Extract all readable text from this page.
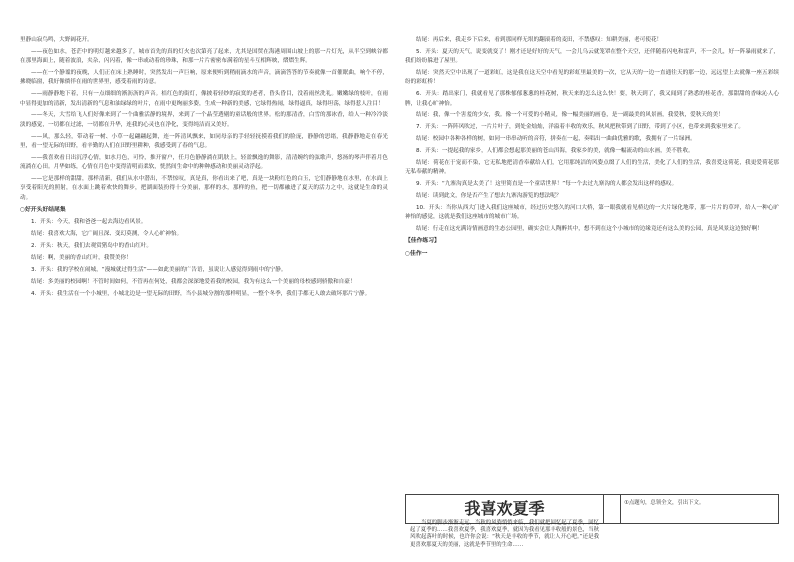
里静山寂鸟鸣，大野阔花开。

——夜色如水，苍茫中的明灯越来越多了，城市首先的真的灯火也次第亮了起来，尤其是国贸在海港周围山坡上的那一片灯光，从半空到峡谷都在那里海面上，随着波浪，夹杂，闪闪着，像一串或动着的珍珠，和那一片片密密布满着的星斗互相辉映，熠熠生辉。

——在一个静谧的夜晚，人们正在床上熟睡时，突然发出一声巨响，原来便听到稍雨滴水的声音，滴滴答答的节奏就像一首催眠曲，响个不停，拂晓临窗，我好像徜徉在雨的世界里，感受着雨的诗意。

——雨静静地下着，只有一点细细的淅沥沥的声音。桔红色的街灯，像披着轻纱的寂寞的老者，昏头昏目，没着雨丝洗礼。嫩嫩绿的枝叶，在雨中显得更加的清新，发出清新的气息和油绿绿的叶片，在雨中更绚丽多姿，生成一种新的美感，它绿得热闹，绿得逼真，绿得坦荡，绿得惹人注目！

——冬天，大雪给飞人们好像来到了一个曲雅活静的境界，来到了一个晶莹透剔的童话般的世界。松的那清香，白雪的那冰香，给人一种冷冷淡淡的感觉，一切都在过滤，一切都在升华，连我的心灵也在净化，变得纯洁而又美好。

——风，那么轻，带动着一树、小草一起翩翩起舞，连一阵清风飘来，如同母亲的手轻轻抚摸着我们的脸庞，静静的思绪，我静静地走在春光里，看一望无际的田野，看辛勤的人们在田野里耕种，我感受到了春的气息。

——我喜欢看日出沉浮心情，如水月色，可怜，推开窗户，任月色静静淌在肌肤上，轻盈飘逸的舞影，清清婉约的弦歌声，悠扬的琴声伴着月色流淌在心田。月华如练，心情在月色中变得清明而柔软，恍然间生命中的种种感动和美丽灵动浮起。

——它是那样的甜甜，那样清新，我们从水中潜出，不禁惊叹，真是真，你看出来了吧，真是一块粉红色的白玉，它们静静地在水里，在水面上享受着阳光的照射，在水面上跳着欢快的舞步，把湖面装扮得十分美丽，那样的水，那样的鱼，把一切都融进了夏天的活力之中，这就是生命的灵动。

○好开头好结尾集

1．开头：今天，我和爸爸一起去海边看风景。

结尾：我喜欢大海，它广阔且深、变幻莫测，令人心旷神怡。

2．开头：秋天，我们去观赏猪岛中的香山红叶。

结尾：啊，美丽的香山红叶，我赞美你！

3．开头：我的学校在闹城，“漫城就过得生活”——如此美丽的广告语，虽说让人感觉得到雨中的宁静。

结尾：多美丽的校园啊！不管时间如何，不管再在何处，我都会深深地爱着我的校园，我为有这么一个美丽的母校感到骄傲和自豪！

4．开头：我生活在一个小城里，小城北边是一望无际的田野，当小县城分割的那样明显，一整个冬季，我们手都无人敢去破坏那片宁静。

结尾：再后来，我走乡下后来，看到那同样无垠的翻滚着的麦田，不禁感叹：知耕美丽，老可使花！

5．开头：夏天的天气，说变就变了！刚才还是好好的天气，一会儿乌云就笼罩在整个天空，还伴随着闪电和雷声，不一会儿，好一阵暴雨就来了，我们纷纷躲进了屋里。

结尾：突然天空中出现了一道彩虹，这是我在这天空中看见的彩虹里最美的一次，它从天的一边一直通往天的那一边，远远望上去就像一座五彩缤纷的彩虹桥！

6．开头：踏出家门，我就看见了那株郁郁葱葱的桂花树，秋天来的怎么这么快！要，秋天到了，我又闻到了熟悉的桂花香，那甜甜的香味沁人心脾，让我心旷神怡。

结尾：我，像一个害羞的少女，我。像一个可爱的小精灵，像一幅美丽的画卷，是一副最美的风景画，我爱秋，爱秋天的美！

7．开头：一阵阵风吹过，一片片叶子，到处金灿灿，洋溢着丰收的欢乐，秋风把秋带到了田野，带到了小区，也带来到我家里来了。

结尾：校园中各种各样的树，如同一串串动听的音符，拼奏在一起，奏唱出一曲曲优雅的歌，我拥有了一片绿洲。

8．开头：一提起我的家乡，人们都会想起那美丽的苍山洱海，我家乡的美，就像一幅流动的山水画，美不胜收。

结尾：荷花在于宠而不染，它无私地把清香奉献给人们，它用那纯洁的风姿点缀了人们的生活，美化了人们的生活，我喜爱这荷花，我更爱荷花那无私奉献的精神。

9．开头：“九寨沟真是太美了！这里简直是一个童话世界！”每一个去过九寨沟的人都会发出这样的感叹。

结尾：读到此文，你是否产生了想去九寨沟游览的想法呢？

10．开头：当你从西大门进入我们这座城市，经过历史悠久的河口大桥，第一眼我就看见桥边的一大片绿化地带，那一片片的草坪，给人一种心旷神怡的感觉，这就是我们这座城市的城市广场。

结尾：行走在这充满诗情画意的生态公园里，确实会让人陶醉其中，想不到在这个小城市的边缘竟还有这么美的公园，真是风景这边独好啊！

【佳作练习】
○佳作一
我喜欢夏季

当夏的脚步渐渐走远，当秋的风姿悄悄来临，我们就把回忆起了夏季，回忆起了夏季的……我喜欢夏季，我喜欢夏季，就因为我看见那丰收般的景色，当秋风吹起落叶的时候，也许你会说：“秋天是丰收的季节，就让人开心吧。”还是我更喜欢那夏天的美丽，这就是季节里的生命……

①点题句，总领全文，引出下文。
